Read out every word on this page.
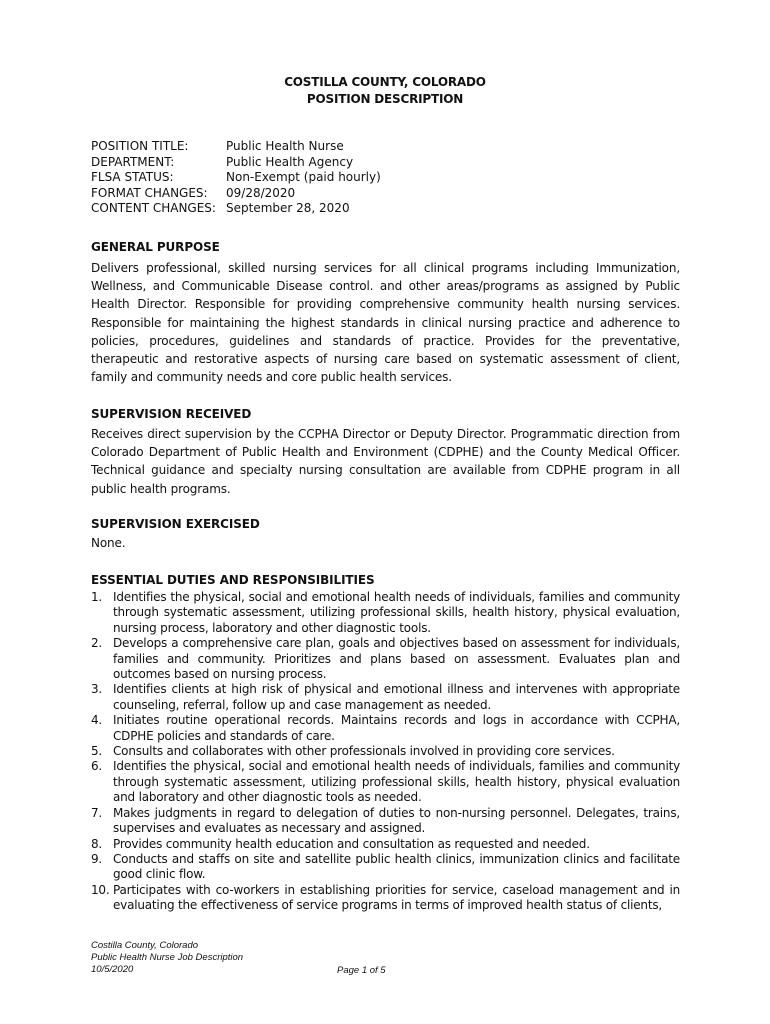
COSTILLA COUNTY, COLORADO
POSITION DESCRIPTION
POSITION TITLE:	Public Health Nurse
DEPARTMENT:	Public Health Agency
FLSA STATUS:	Non-Exempt (paid hourly)
FORMAT CHANGES:	09/28/2020
CONTENT CHANGES: September 28, 2020
GENERAL PURPOSE
Delivers professional, skilled nursing services for all clinical programs including Immunization, Wellness, and Communicable Disease control. and other areas/programs as assigned by Public Health Director. Responsible for providing comprehensive community health nursing services. Responsible for maintaining the highest standards in clinical nursing practice and adherence to policies, procedures, guidelines and standards of practice. Provides for the preventative, therapeutic and restorative aspects of nursing care based on systematic assessment of client, family and community needs and core public health services.
SUPERVISION RECEIVED
Receives direct supervision by the CCPHA Director or Deputy Director. Programmatic direction from Colorado Department of Public Health and Environment (CDPHE) and the County Medical Officer. Technical guidance and specialty nursing consultation are available from CDPHE program in all public health programs.
SUPERVISION EXERCISED
None.
ESSENTIAL DUTIES AND RESPONSIBILITIES
1. Identifies the physical, social and emotional health needs of individuals, families and community through systematic assessment, utilizing professional skills, health history, physical evaluation, nursing process, laboratory and other diagnostic tools.
2. Develops a comprehensive care plan, goals and objectives based on assessment for individuals, families and community. Prioritizes and plans based on assessment. Evaluates plan and outcomes based on nursing process.
3. Identifies clients at high risk of physical and emotional illness and intervenes with appropriate counseling, referral, follow up and case management as needed.
4. Initiates routine operational records. Maintains records and logs in accordance with CCPHA, CDPHE policies and standards of care.
5. Consults and collaborates with other professionals involved in providing core services.
6. Identifies the physical, social and emotional health needs of individuals, families and community through systematic assessment, utilizing professional skills, health history, physical evaluation and laboratory and other diagnostic tools as needed.
7. Makes judgments in regard to delegation of duties to non-nursing personnel. Delegates, trains, supervises and evaluates as necessary and assigned.
8. Provides community health education and consultation as requested and needed.
9. Conducts and staffs on site and satellite public health clinics, immunization clinics and facilitate good clinic flow.
10. Participates with co-workers in establishing priorities for service, caseload management and in evaluating the effectiveness of service programs in terms of improved health status of clients,
Costilla County, Colorado
Public Health Nurse Job Description
10/5/2020	Page 1 of 5
